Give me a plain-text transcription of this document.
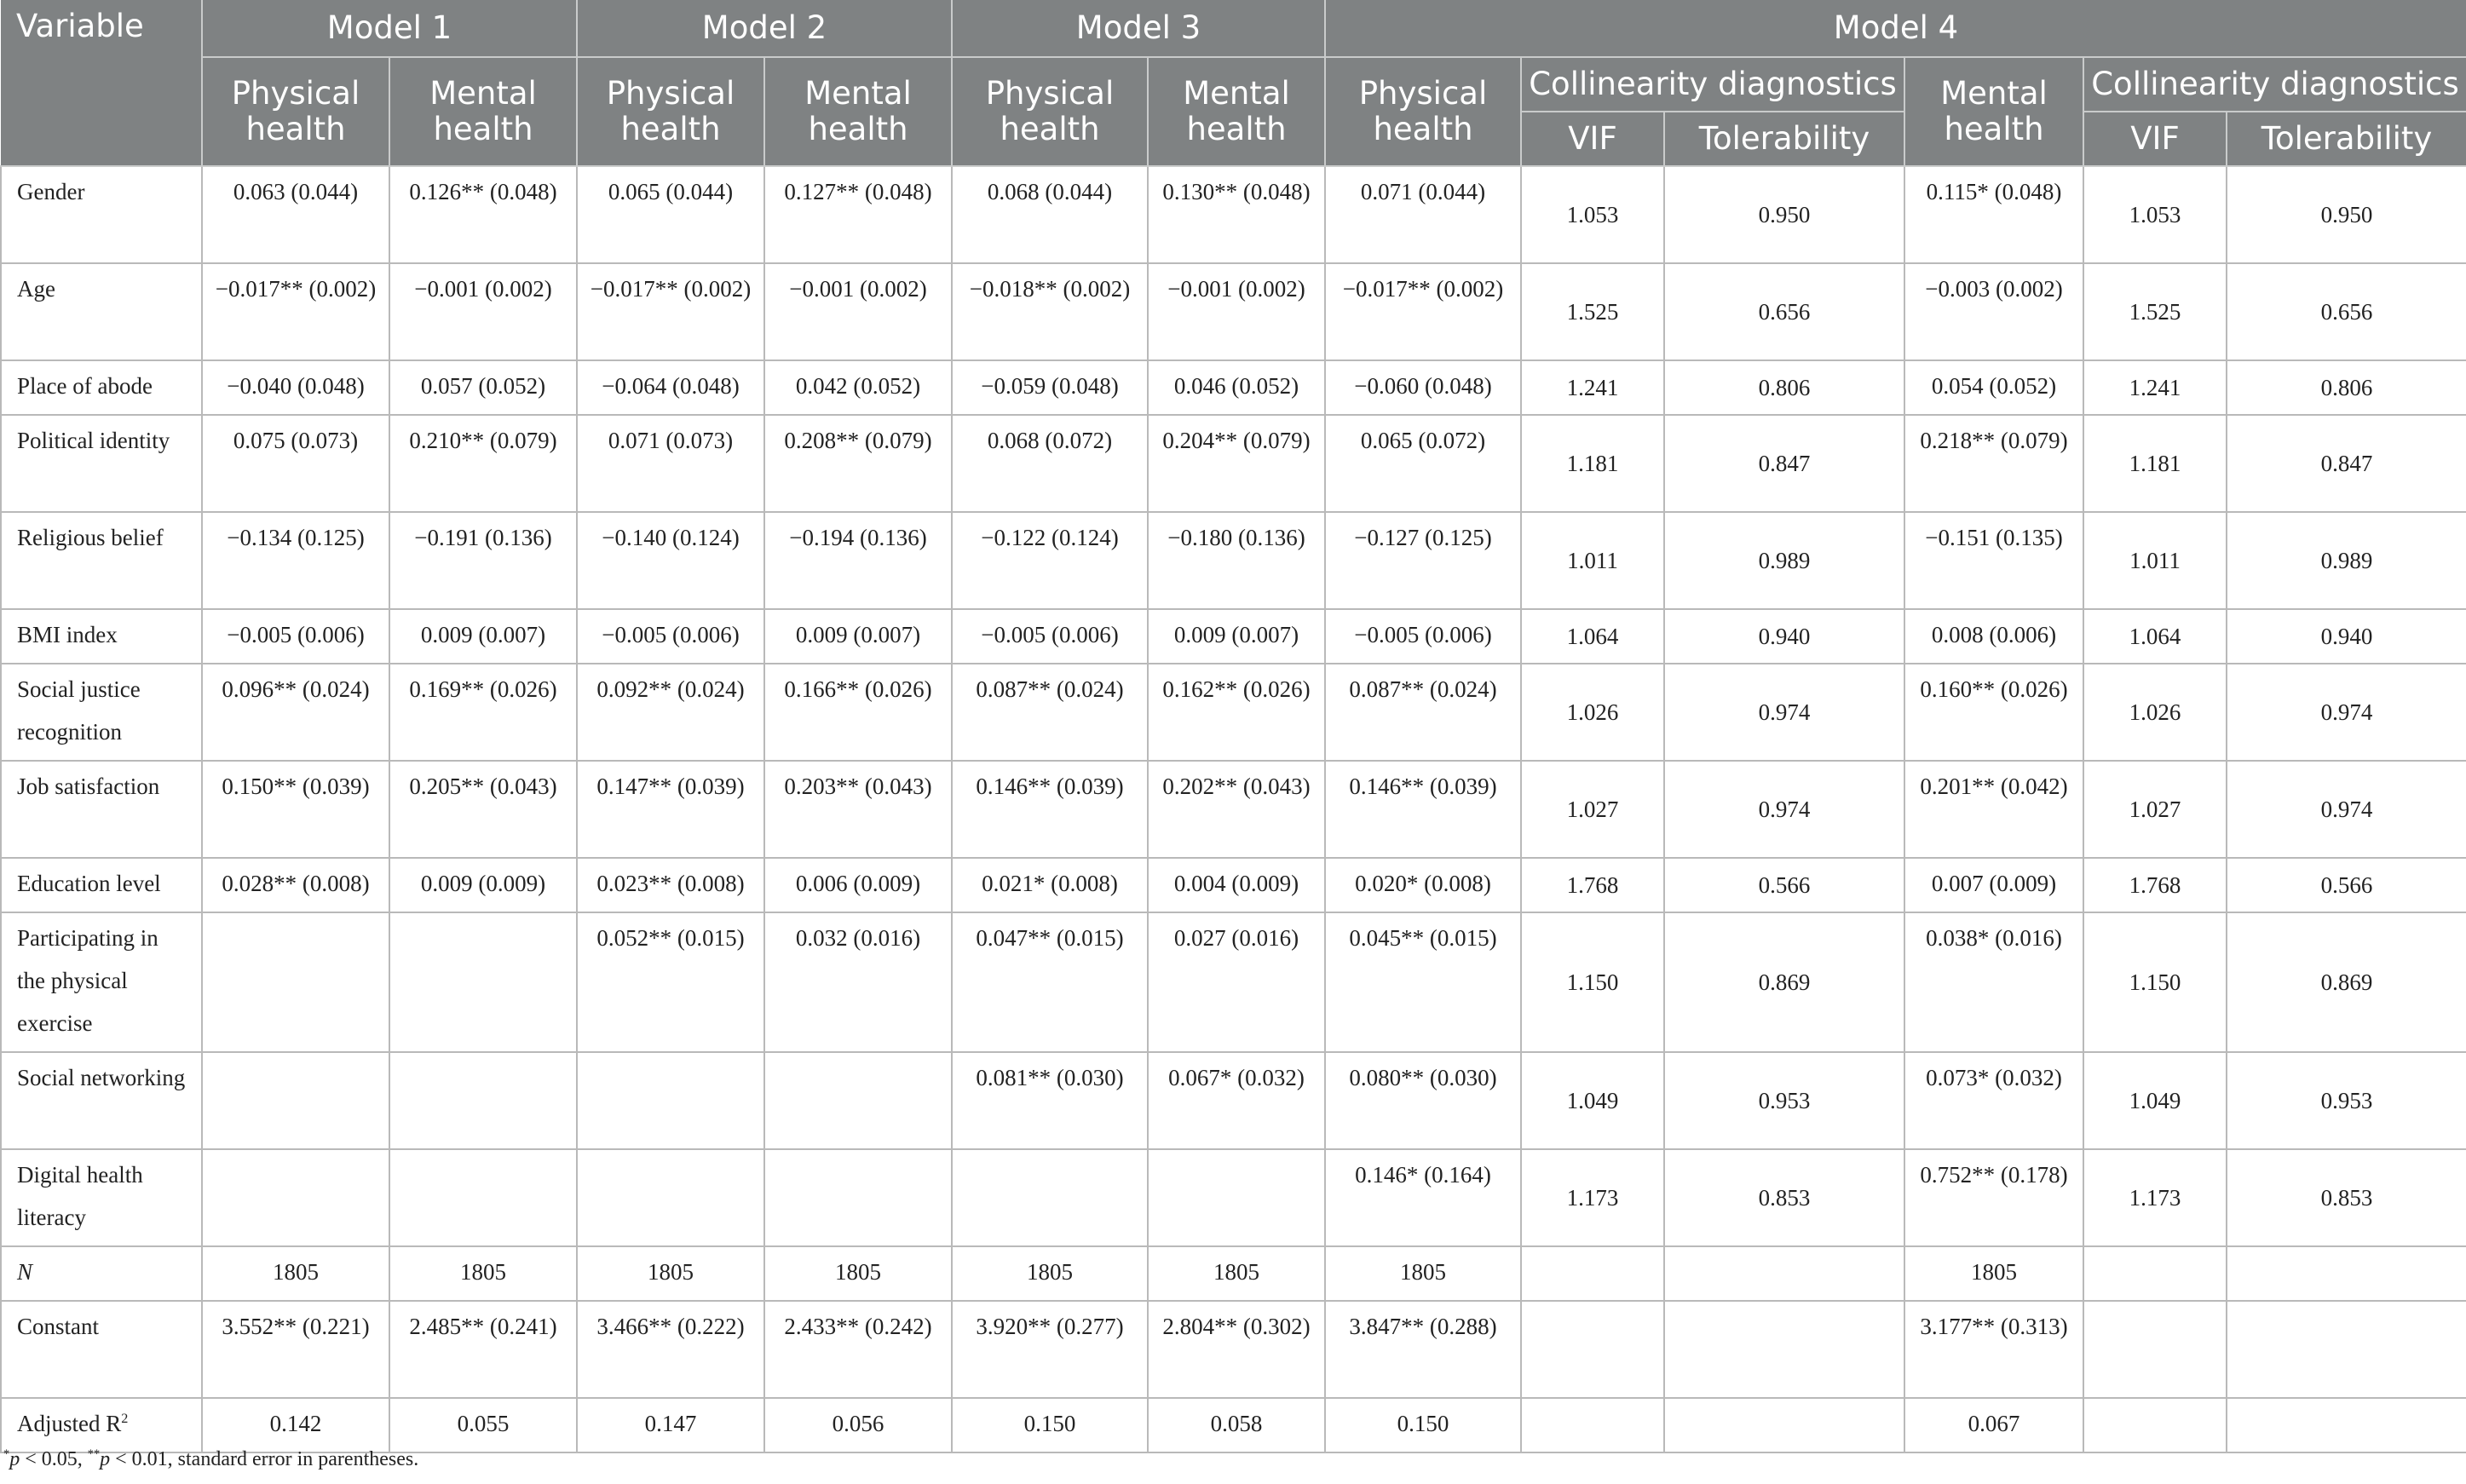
Variable	Model 1		Model 2		Model 3		Model 4					
	Physical health	Mental health	Physical health	Mental health	Physical health	Mental health	Physical health	Collinearity diagnostics		Mental health	Collinearity diagnostics	
								VIF	Tolerability		VIF	Tolerability
Gender	0.063 (0.044)	0.126** (0.048)	0.065 (0.044)	0.127** (0.048)	0.068 (0.044)	0.130** (0.048)	0.071 (0.044)	1.053	0.950	0.115* (0.048)	1.053	0.950
Age	−0.017** (0.002)	−0.001 (0.002)	−0.017** (0.002)	−0.001 (0.002)	−0.018** (0.002)	−0.001 (0.002)	−0.017** (0.002)	1.525	0.656	−0.003 (0.002)	1.525	0.656
Place of abode	−0.040 (0.048)	0.057 (0.052)	−0.064 (0.048)	0.042 (0.052)	−0.059 (0.048)	0.046 (0.052)	−0.060 (0.048)	1.241	0.806	0.054 (0.052)	1.241	0.806
Political identity	0.075 (0.073)	0.210** (0.079)	0.071 (0.073)	0.208** (0.079)	0.068 (0.072)	0.204** (0.079)	0.065 (0.072)	1.181	0.847	0.218** (0.079)	1.181	0.847
Religious belief	−0.134 (0.125)	−0.191 (0.136)	−0.140 (0.124)	−0.194 (0.136)	−0.122 (0.124)	−0.180 (0.136)	−0.127 (0.125)	1.011	0.989	−0.151 (0.135)	1.011	0.989
BMI index	−0.005 (0.006)	0.009 (0.007)	−0.005 (0.006)	0.009 (0.007)	−0.005 (0.006)	0.009 (0.007)	−0.005 (0.006)	1.064	0.940	0.008 (0.006)	1.064	0.940
Social justice recognition	0.096** (0.024)	0.169** (0.026)	0.092** (0.024)	0.166** (0.026)	0.087** (0.024)	0.162** (0.026)	0.087** (0.024)	1.026	0.974	0.160** (0.026)	1.026	0.974
Job satisfaction	0.150** (0.039)	0.205** (0.043)	0.147** (0.039)	0.203** (0.043)	0.146** (0.039)	0.202** (0.043)	0.146** (0.039)	1.027	0.974	0.201** (0.042)	1.027	0.974
Education level	0.028** (0.008)	0.009 (0.009)	0.023** (0.008)	0.006 (0.009)	0.021* (0.008)	0.004 (0.009)	0.020* (0.008)	1.768	0.566	0.007 (0.009)	1.768	0.566
Participating in the physical exercise			0.052** (0.015)	0.032 (0.016)	0.047** (0.015)	0.027 (0.016)	0.045** (0.015)	1.150	0.869	0.038* (0.016)	1.150	0.869
Social networking					0.081** (0.030)	0.067* (0.032)	0.080** (0.030)	1.049	0.953	0.073* (0.032)	1.049	0.953
Digital health literacy							0.146* (0.164)	1.173	0.853	0.752** (0.178)	1.173	0.853
N	1805	1805	1805	1805	1805	1805	1805			1805		
Constant	3.552** (0.221)	2.485** (0.241)	3.466** (0.222)	2.433** (0.242)	3.920** (0.277)	2.804** (0.302)	3.847** (0.288)			3.177** (0.313)		
Adjusted $R^2$	0.142	0.055	0.147	0.056	0.150	0.058	0.150			0.067		
*p < 0.05, **p < 0.01, standard error in parentheses.
